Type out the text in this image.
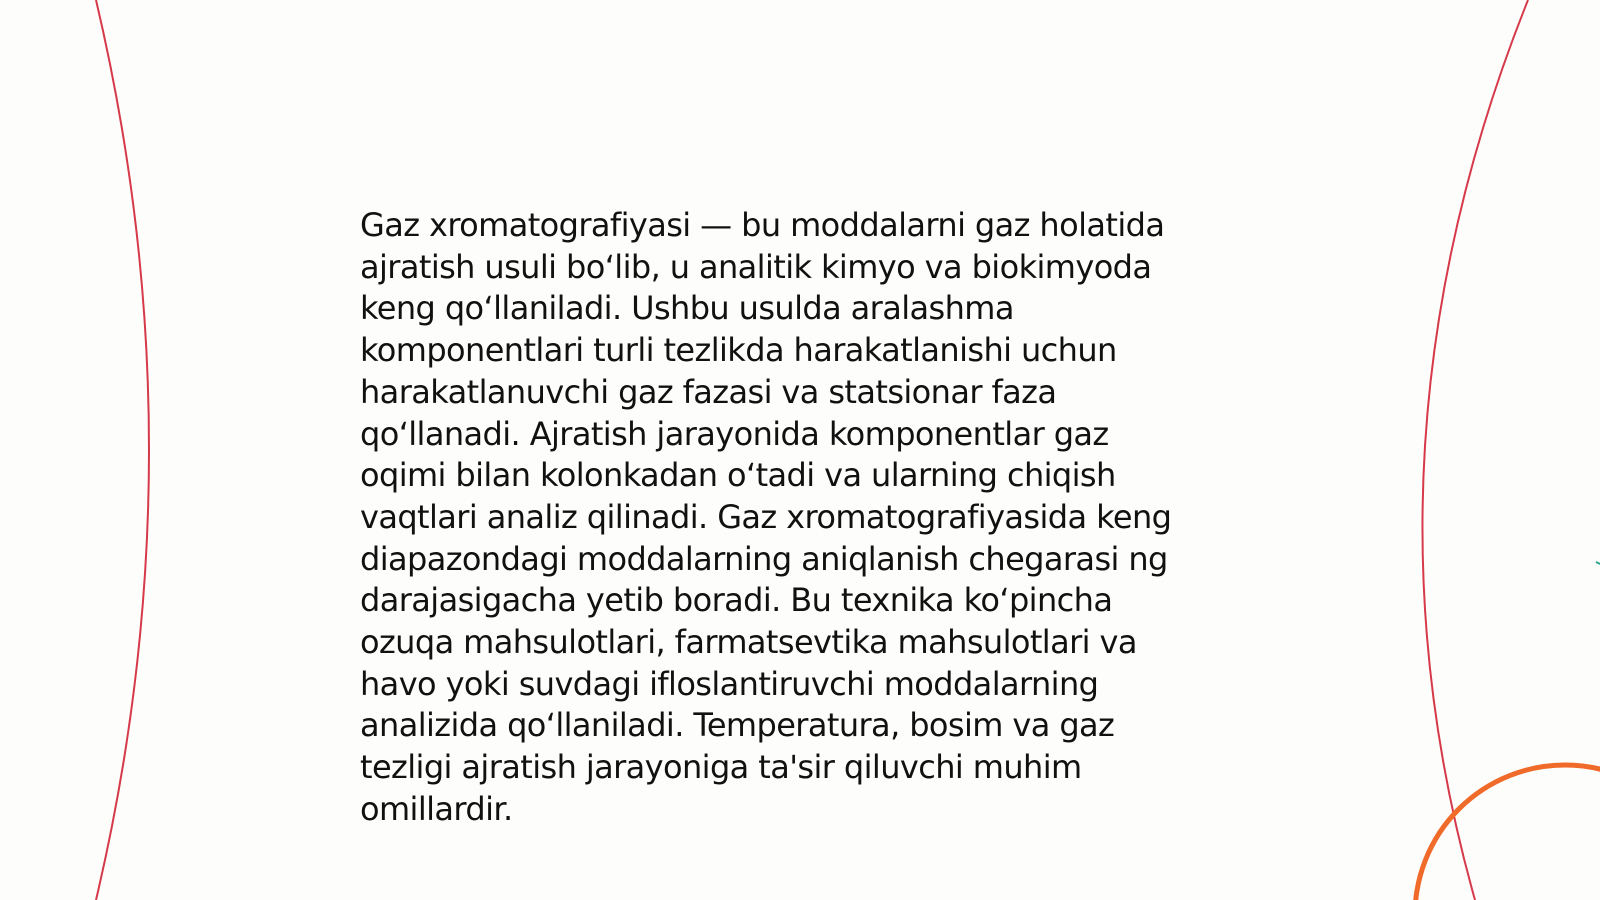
Gaz xromatografiyasi — bu moddalarni gaz holatida
ajratish usuli boʻlib, u analitik kimyo va biokimyoda
keng qoʻllaniladi. Ushbu usulda aralashma
komponentlari turli tezlikda harakatlanishi uchun
harakatlanuvchi gaz fazasi va statsionar faza
qoʻllanadi. Ajratish jarayonida komponentlar gaz
oqimi bilan kolonkadan oʻtadi va ularning chiqish
vaqtlari analiz qilinadi. Gaz xromatografiyasida keng
diapazondagi moddalarning aniqlanish chegarasi ng
darajasigacha yetib boradi. Bu texnika koʻpincha
ozuqa mahsulotlari, farmatsevtika mahsulotlari va
havo yoki suvdagi ifloslantiruvchi moddalarning
analizida qoʻllaniladi. Temperatura, bosim va gaz
tezligi ajratish jarayoniga ta'sir qiluvchi muhim
omillardir.
